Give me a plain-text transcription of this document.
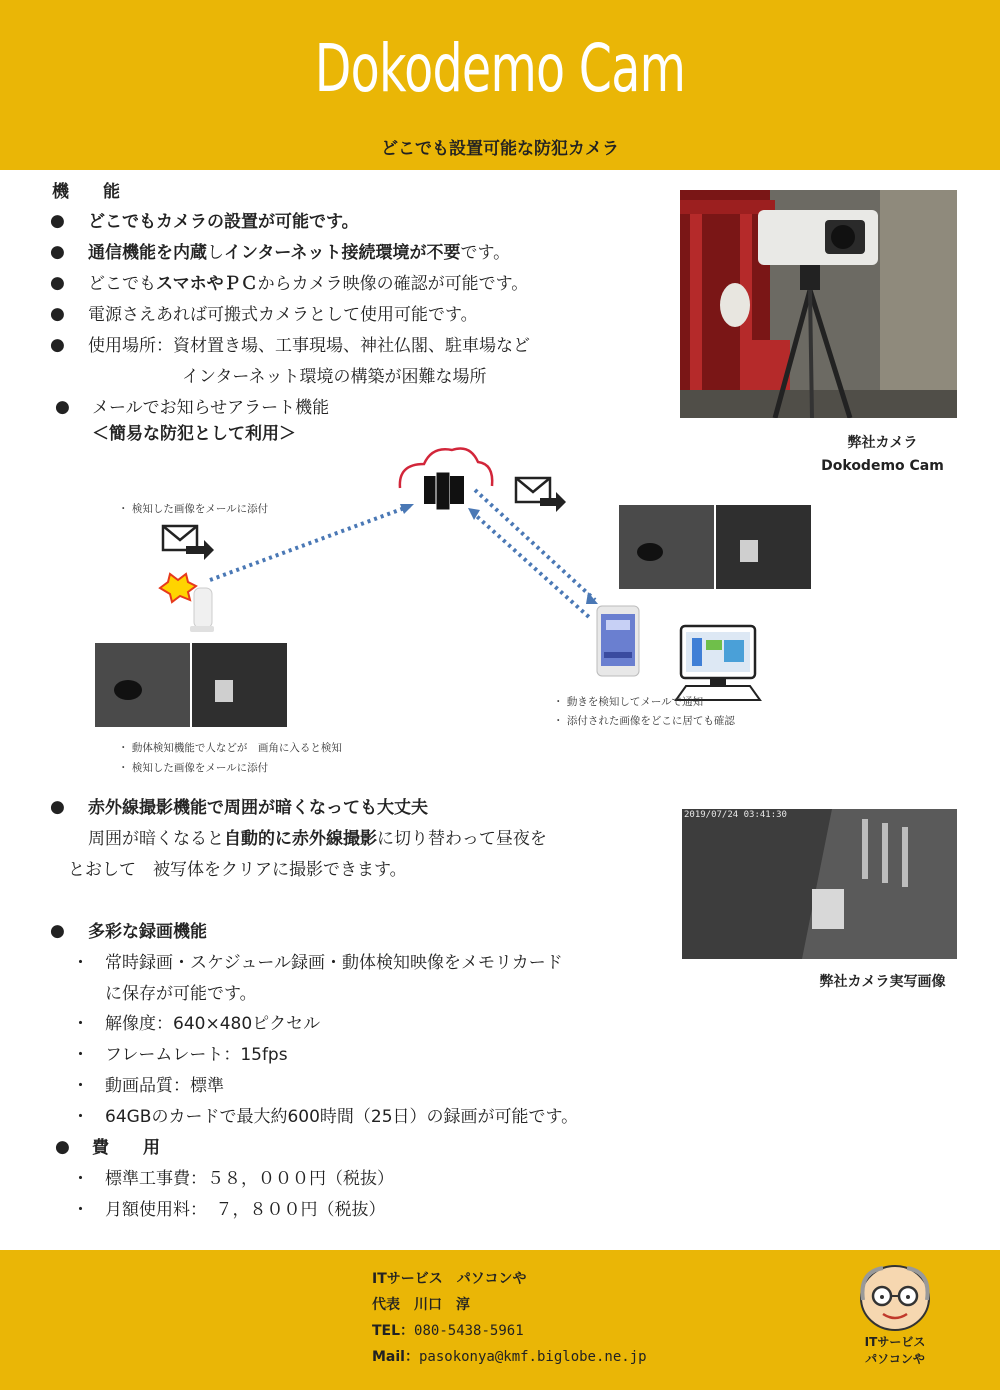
Dokodemo Cam
どこでも設置可能な防犯カメラ
機　　能
● どこでもカメラの設置が可能です。
● 通信機能を内蔵しインターネット接続環境が不要です。
● どこでもスマホやＰＣからカメラ映像の確認が可能です。
● 電源さえあれば可搬式カメラとして使用可能です。
● 使用場所：資材置き場、工事現場、神社仏閣、駐車場など
インターネット環境の構築が困難な場所
● メールでお知らせアラート機能
＜簡易な防犯として利用＞	弊社カメラ
Dokodemo Cam
・ 検知した画像をメールに添付
・ 動体検知機能で人などが　画角に入ると検知
・ 検知した画像をメールに添付
・ 動きを検知してメールで通知
・ 添付された画像をどこに居ても確認
● 赤外線撮影機能で周囲が暗くなっても大丈夫
周囲が暗くなると自動的に赤外線撮影に切り替わって昼夜を
とおして　被写体をクリアに撮影できます。
2019/07/24 03:41:30
弊社カメラ実写画像
● 多彩な録画機能
・ 常時録画・スケジュール録画・動体検知映像をメモリカード
に保存が可能です。
・ 解像度：640×480ピクセル
・ フレームレート：15fps
・ 動画品質：標準
・ 64GBのカードで最大約600時間（25日）の録画が可能です。
● 費　　用
・ 標準工事費：５８，０００円（税抜）
・ 月額使用料：　７，８００円（税抜）
ITサービス　パソコンや
代表　川口　淳
TEL：080-5438-5961
Mail：pasokonya@kmf.biglobe.ne.jp
ITサービス
パソコンや
